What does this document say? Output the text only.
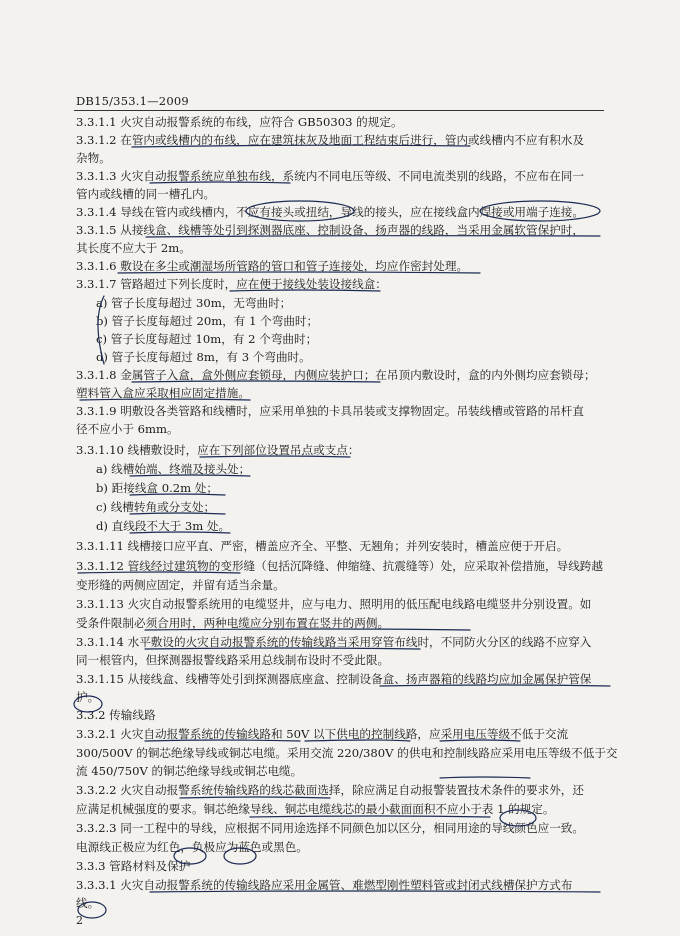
DB15/353.1—2009
3.3.1.1 火灾自动报警系统的布线，应符合 GB50303 的规定。
3.3.1.2 在管内或线槽内的布线，应在建筑抹灰及地面工程结束后进行，管内或线槽内不应有积水及
杂物。
3.3.1.3 火灾自动报警系统应单独布线，系统内不同电压等级、不同电流类别的线路，不应布在同一
管内或线槽的同一槽孔内。
3.3.1.4 导线在管内或线槽内，不应有接头或扭结，导线的接头，应在接线盒内焊接或用端子连接。
3.3.1.5 从接线盒、线槽等处引到探测器底座、控制设备、扬声器的线路，当采用金属软管保护时，
其长度不应大于 2m。
3.3.1.6 敷设在多尘或潮湿场所管路的管口和管子连接处，均应作密封处理。
3.3.1.7 管路超过下列长度时，应在便于接线处装设接线盒：
a) 管子长度每超过 30m，无弯曲时；
b) 管子长度每超过 20m，有 1 个弯曲时；
c) 管子长度每超过 10m，有 2 个弯曲时；
d) 管子长度每超过 8m，有 3 个弯曲时。
3.3.1.8 金属管子入盒，盒外侧应套锁母，内侧应装护口；在吊顶内敷设时，盒的内外侧均应套锁母；
塑料管入盒应采取相应固定措施。
3.3.1.9 明敷设各类管路和线槽时，应采用单独的卡具吊装或支撑物固定。吊装线槽或管路的吊杆直
径不应小于 6mm。
3.3.1.10 线槽敷设时，应在下列部位设置吊点或支点：
a) 线槽始端、终端及接头处；
b) 距接线盒 0.2m 处；
c) 线槽转角或分支处；
d) 直线段不大于 3m 处。
3.3.1.11 线槽接口应平直、严密，槽盖应齐全、平整、无翘角；并列安装时，槽盖应便于开启。
3.3.1.12 管线经过建筑物的变形缝（包括沉降缝、伸缩缝、抗震缝等）处，应采取补偿措施，导线跨越
变形缝的两侧应固定，并留有适当余量。
3.3.1.13 火灾自动报警系统用的电缆竖井，应与电力、照明用的低压配电线路电缆竖井分别设置。如
受条件限制必须合用时，两种电缆应分别布置在竖井的两侧。
3.3.1.14 水平敷设的火灾自动报警系统的传输线路当采用穿管布线时，不同防火分区的线路不应穿入
同一根管内，但探测器报警线路采用总线制布设时不受此限。
3.3.1.15 从接线盒、线槽等处引到探测器底座盒、控制设备盒、扬声器箱的线路均应加金属保护管保
护。
3.3.2 传输线路
3.3.2.1 火灾自动报警系统的传输线路和 50V 以下供电的控制线路，应采用电压等级不低于交流
300/500V 的铜芯绝缘导线或铜芯电缆。采用交流 220/380V 的供电和控制线路应采用电压等级不低于交
流 450/750V 的铜芯绝缘导线或铜芯电缆。
3.3.2.2 火灾自动报警系统传输线路的线芯截面选择，除应满足自动报警装置技术条件的要求外，还
应满足机械强度的要求。铜芯绝缘导线、铜芯电缆线芯的最小截面面积不应小于表 1 的规定。
3.3.2.3 同一工程中的导线，应根据不同用途选择不同颜色加以区分，相同用途的导线颜色应一致。
电源线正极应为红色，负极应为蓝色或黑色。
3.3.3 管路材料及保护
3.3.3.1 火灾自动报警系统的传输线路应采用金属管、难燃型刚性塑料管或封闭式线槽保护方式布
线。
2
